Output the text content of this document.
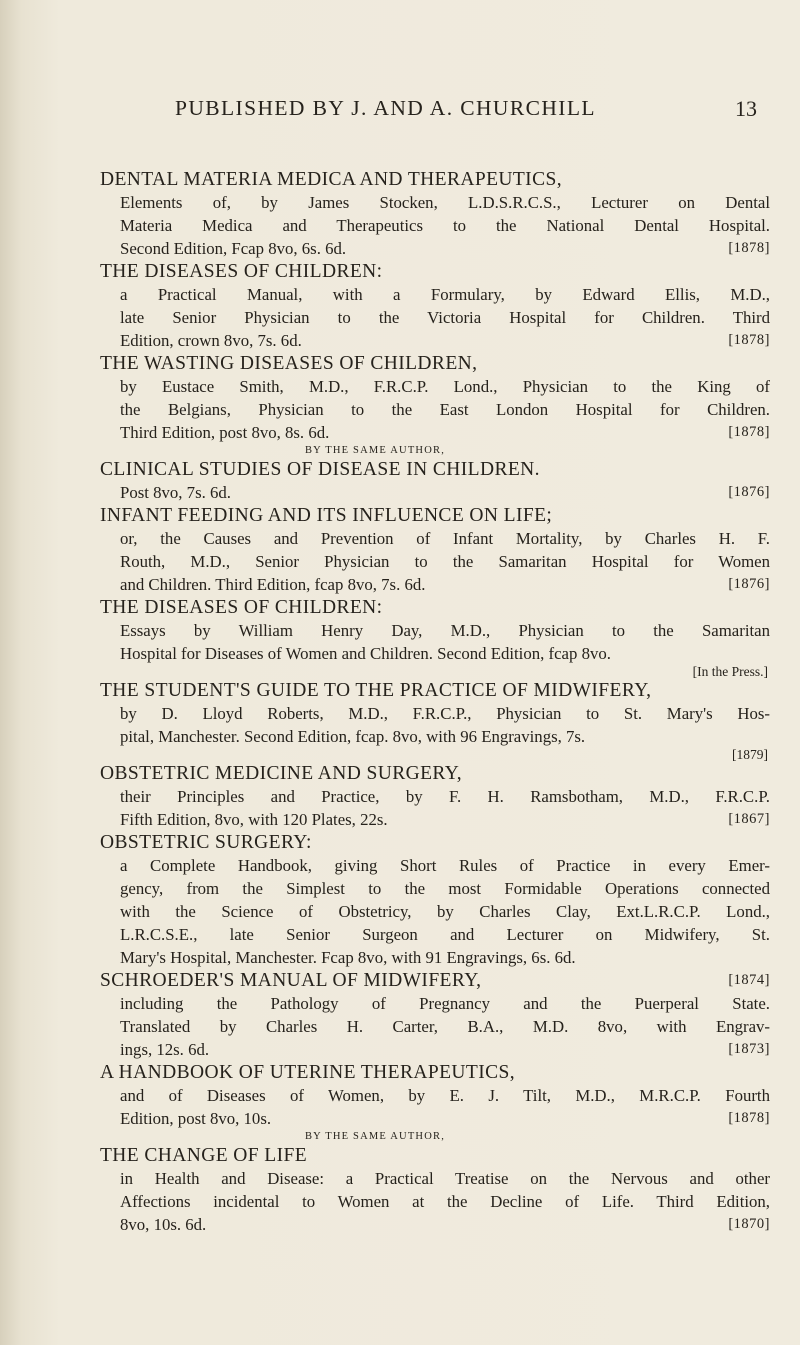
PUBLISHED BY J. AND A. CHURCHILL	13
DENTAL MATERIA MEDICA AND THERAPEUTICS,
Elements of, by James Stocken, L.D.S.R.C.S., Lecturer on Dental
Materia Medica and Therapeutics to the National Dental Hospital.
Second Edition, Fcap 8vo, 6s. 6d.	[1878]
THE DISEASES OF CHILDREN:
a Practical Manual, with a Formulary, by Edward Ellis, M.D.,
late Senior Physician to the Victoria Hospital for Children. Third
Edition, crown 8vo, 7s. 6d.	[1878]
THE WASTING DISEASES OF CHILDREN,
by Eustace Smith, M.D., F.R.C.P. Lond., Physician to the King of
the Belgians, Physician to the East London Hospital for Children.
Third Edition, post 8vo, 8s. 6d.	[1878]
BY THE SAME AUTHOR,
CLINICAL STUDIES OF DISEASE IN CHILDREN.
Post 8vo, 7s. 6d.	[1876]
INFANT FEEDING AND ITS INFLUENCE ON LIFE;
or, the Causes and Prevention of Infant Mortality, by Charles H. F.
Routh, M.D., Senior Physician to the Samaritan Hospital for Women
and Children. Third Edition, fcap 8vo, 7s. 6d.	[1876]
THE DISEASES OF CHILDREN:
Essays by William Henry Day, M.D., Physician to the Samaritan
Hospital for Diseases of Women and Children. Second Edition, fcap 8vo.
[In the Press.]
THE STUDENT'S GUIDE TO THE PRACTICE OF MIDWIFERY,
by D. Lloyd Roberts, M.D., F.R.C.P., Physician to St. Mary's Hos-
pital, Manchester. Second Edition, fcap. 8vo, with 96 Engravings, 7s.
[1879]
OBSTETRIC MEDICINE AND SURGERY,
their Principles and Practice, by F. H. Ramsbotham, M.D., F.R.C.P.
Fifth Edition, 8vo, with 120 Plates, 22s.	[1867]
OBSTETRIC SURGERY:
a Complete Handbook, giving Short Rules of Practice in every Emer-
gency, from the Simplest to the most Formidable Operations connected
with the Science of Obstetricy, by Charles Clay, Ext.L.R.C.P. Lond.,
L.R.C.S.E., late Senior Surgeon and Lecturer on Midwifery, St.
Mary's Hospital, Manchester. Fcap 8vo, with 91 Engravings, 6s. 6d.
SCHROEDER'S MANUAL OF MIDWIFERY,	[1874]
including the Pathology of Pregnancy and the Puerperal State.
Translated by Charles H. Carter, B.A., M.D. 8vo, with Engrav-
ings, 12s. 6d.	[1873]
A HANDBOOK OF UTERINE THERAPEUTICS,
and of Diseases of Women, by E. J. Tilt, M.D., M.R.C.P. Fourth
Edition, post 8vo, 10s.	[1878]
BY THE SAME AUTHOR,
THE CHANGE OF LIFE
in Health and Disease: a Practical Treatise on the Nervous and other
Affections incidental to Women at the Decline of Life. Third Edition,
8vo, 10s. 6d.	[1870]
